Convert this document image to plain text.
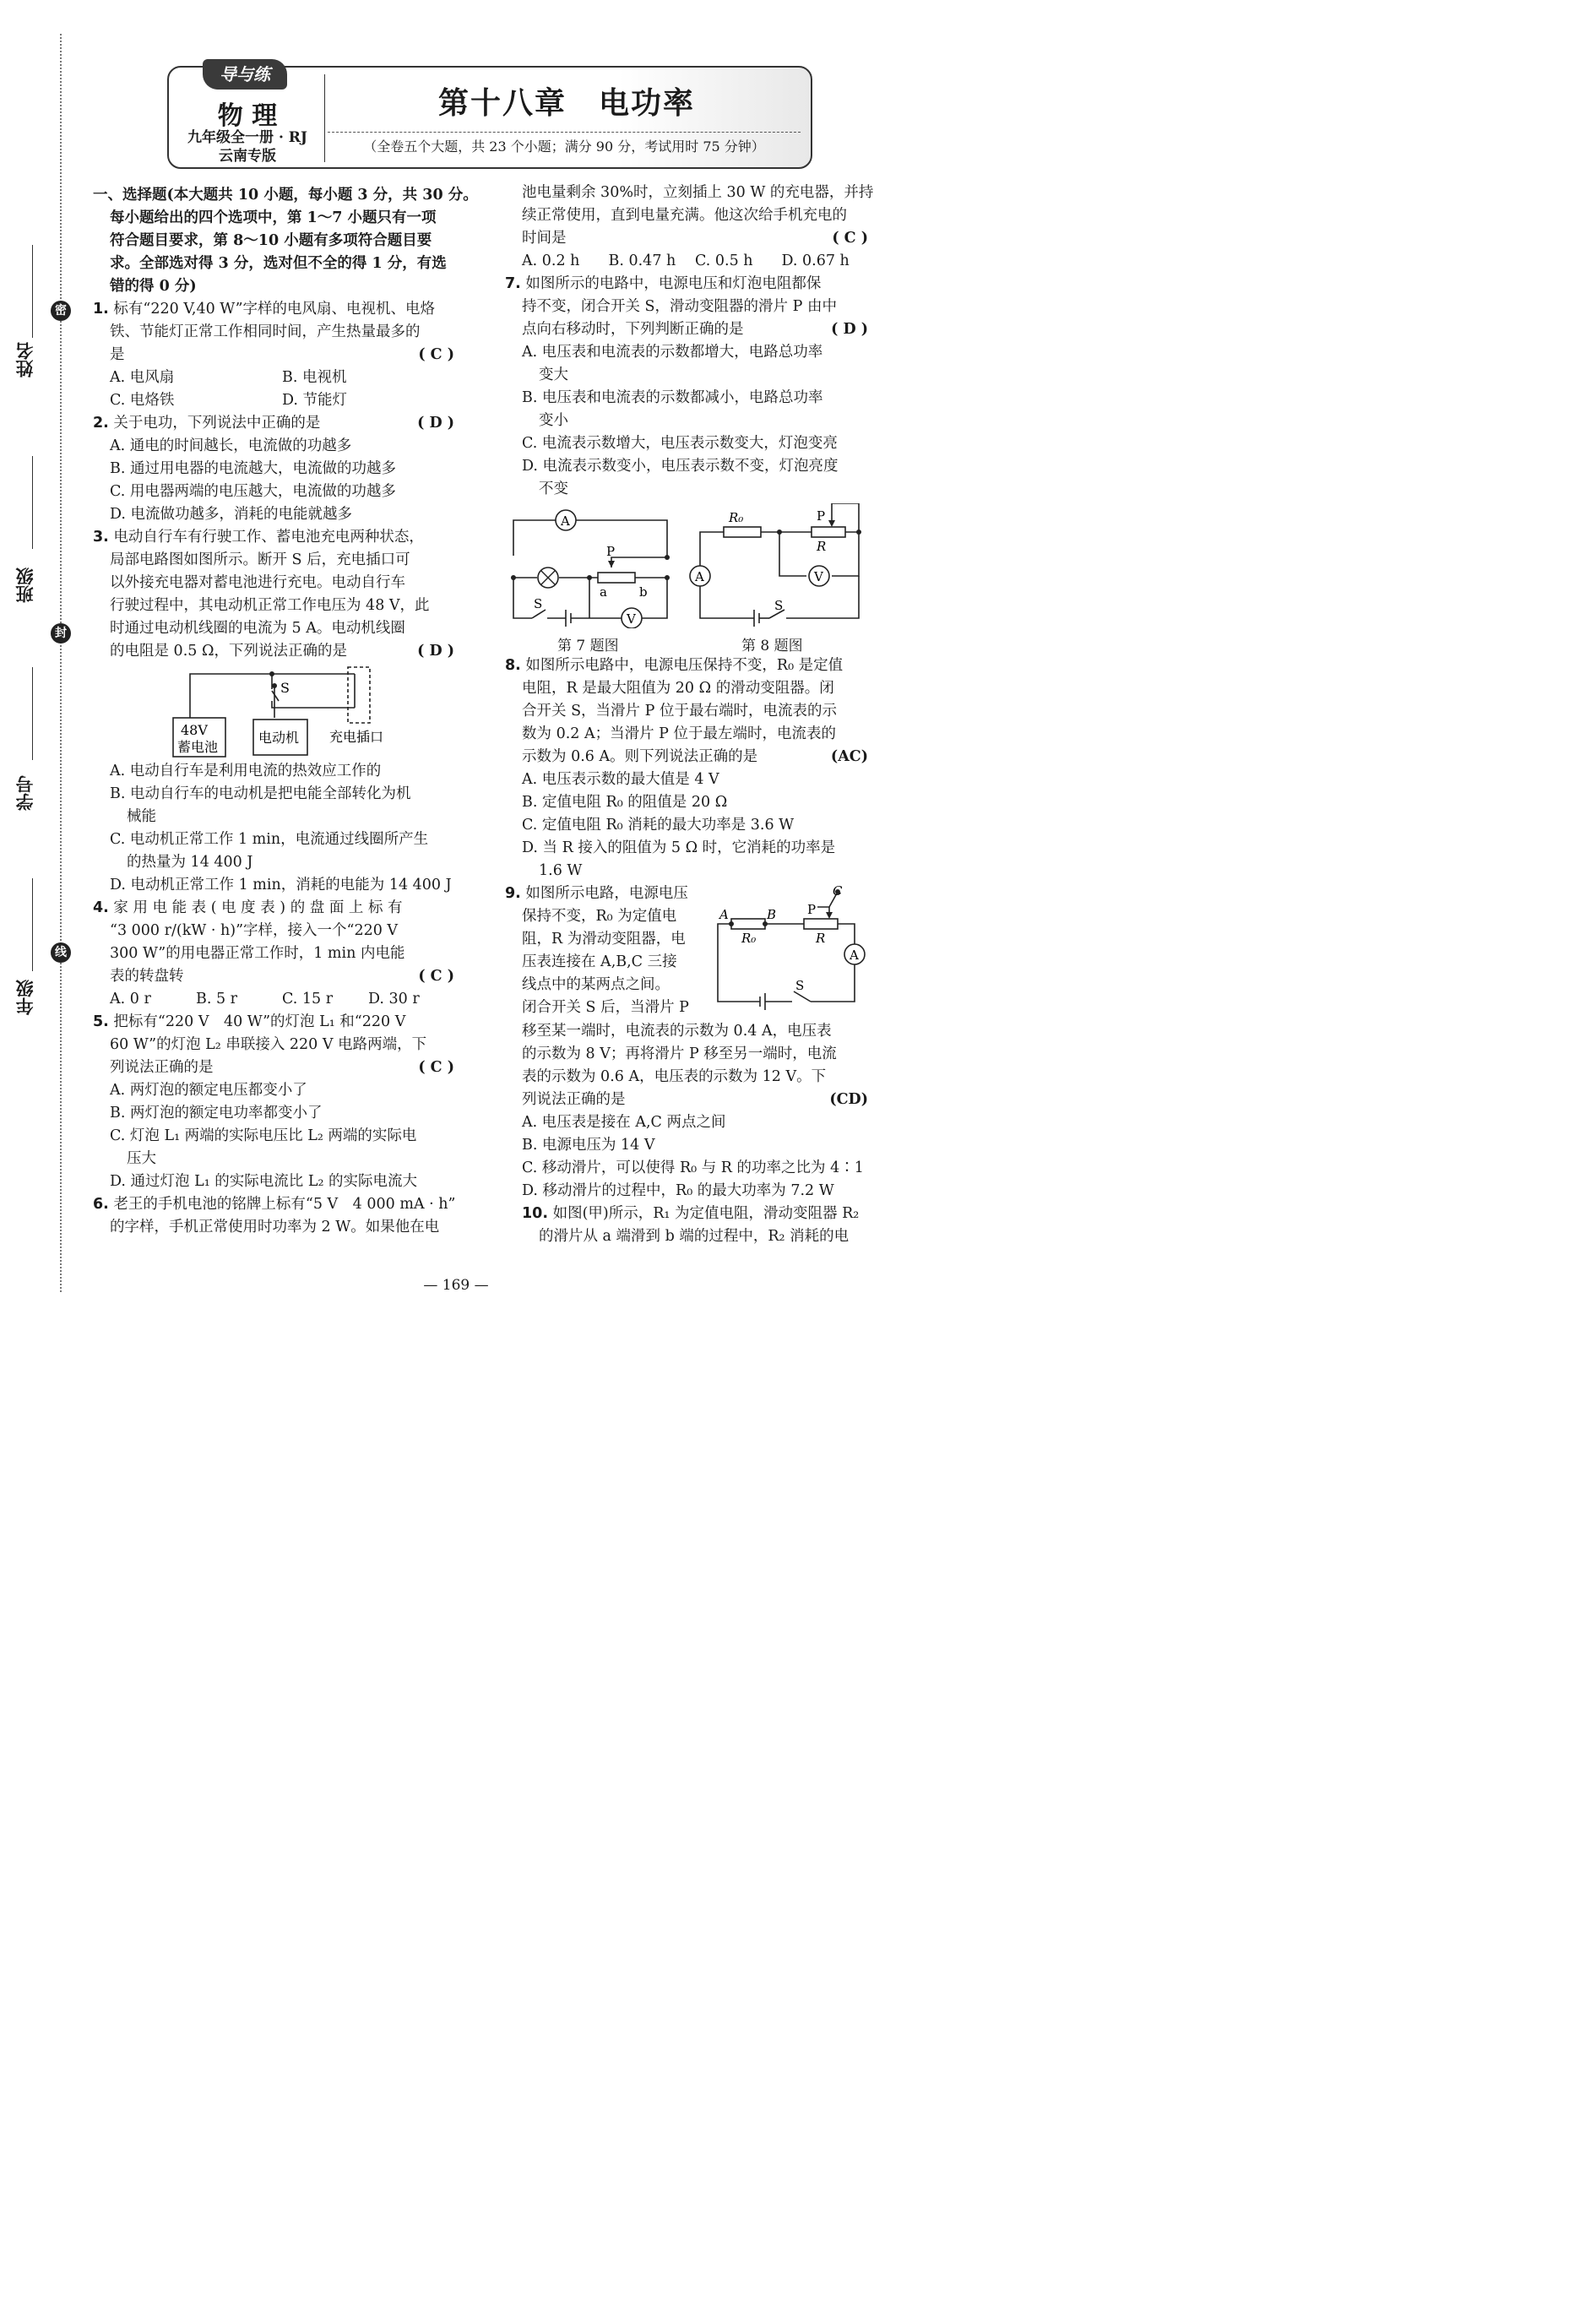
姓名
班级
学号
年级
密
封
线
导与练
物 理
九年级全一册 · RJ
云南专版
第十八章　电功率
（全卷五个大题，共 23 个小题；满分 90 分，考试用时 75 分钟）
一、选择题(本大题共 10 小题，每小题 3 分，共 30 分。
每小题给出的四个选项中，第 1～7 小题只有一项
符合题目要求，第 8～10 小题有多项符合题目要
求。全部选对得 3 分，选对但不全的得 1 分，有选
错的得 0 分)
1. 标有“220 V,40 W”字样的电风扇、电视机、电烙
铁、节能灯正常工作相同时间，产生热量最多的
是	( C )
A. 电风扇	B. 电视机
C. 电烙铁	D. 节能灯
2. 关于电功，下列说法中正确的是	( D )
A. 通电的时间越长，电流做的功越多
B. 通过用电器的电流越大，电流做的功越多
C. 用电器两端的电压越大，电流做的功越多
D. 电流做功越多，消耗的电能就越多
3. 电动自行车有行驶工作、蓄电池充电两种状态，
局部电路图如图所示。断开 S 后，充电插口可
以外接充电器对蓄电池进行充电。电动自行车
行驶过程中，其电动机正常工作电压为 48 V，此
时通过电动机线圈的电流为 5 A。电动机线圈
的电阻是 0.5 Ω，下列说法正确的是	( D )
S
48V
蓄电池
电动机 充电插口
A. 电动自行车是利用电流的热效应工作的
B. 电动自行车的电动机是把电能全部转化为机
械能
C. 电动机正常工作 1 min，电流通过线圈所产生
的热量为 14 400 J
D. 电动机正常工作 1 min，消耗的电能为 14 400 J
4. 家 用 电 能 表 ( 电 度 表 ) 的 盘 面 上 标 有
“3 000 r/(kW · h)”字样，接入一个“220 V
300 W”的用电器正常工作时，1 min 内电能
表的转盘转	( C )
A. 0 r	B. 5 r	C. 15 r	D. 30 r
5. 把标有“220 V　40 W”的灯泡 L₁ 和“220 V
60 W”的灯泡 L₂ 串联接入 220 V 电路两端，下
列说法正确的是	( C )
A. 两灯泡的额定电压都变小了
B. 两灯泡的额定电功率都变小了
C. 灯泡 L₁ 两端的实际电压比 L₂ 两端的实际电
压大
D. 通过灯泡 L₁ 的实际电流比 L₂ 的实际电流大
6. 老王的手机电池的铭牌上标有“5 V　4 000 mA · h”
的字样，手机正常使用时功率为 2 W。如果他在电
池电量剩余 30%时，立刻插上 30 W 的充电器，并持
续正常使用，直到电量充满。他这次给手机充电的
时间是	( C )
A. 0.2 h	B. 0.47 h	C. 0.5 h	D. 0.67 h
7. 如图所示的电路中，电源电压和灯泡电阻都保
持不变，闭合开关 S，滑动变阻器的滑片 P 由中
点向右移动时，下列判断正确的是	( D )
A. 电压表和电流表的示数都增大，电路总功率
变大
B. 电压表和电流表的示数都减小，电路总功率
变小
C. 电流表示数增大，电压表示数变大，灯泡变亮
D. 电流表示数变小，电压表示数不变，灯泡亮度
不变
A
V
P
a	b
S
A	V
R₀	P
R
S
第 7 题图	第 8 题图
8. 如图所示电路中，电源电压保持不变，R₀ 是定值
电阻，R 是最大阻值为 20 Ω 的滑动变阻器。闭
合开关 S，当滑片 P 位于最右端时，电流表的示
数为 0.2 A；当滑片 P 位于最左端时，电流表的
示数为 0.6 A。则下列说法正确的是	(AC)
A. 电压表示数的最大值是 4 V
B. 定值电阻 R₀ 的阻值是 20 Ω
C. 定值电阻 R₀ 消耗的最大功率是 3.6 W
D. 当 R 接入的阻值为 5 Ω 时，它消耗的功率是
1.6 W
9. 如图所示电路，电源电压
保持不变，R₀ 为定值电
阻，R 为滑动变阻器，电
压表连接在 A,B,C 三接
线点中的某两点之间。
闭合开关 S 后，当滑片 P
A
A	B
C
P
R₀	R
S
移至某一端时，电流表的示数为 0.4 A，电压表
的示数为 8 V；再将滑片 P 移至另一端时，电流
表的示数为 0.6 A，电压表的示数为 12 V。下
列说法正确的是	(CD)
A. 电压表是接在 A,C 两点之间
B. 电源电压为 14 V
C. 移动滑片，可以使得 R₀ 与 R 的功率之比为 4∶1
D. 移动滑片的过程中，R₀ 的最大功率为 7.2 W
10. 如图(甲)所示，R₁ 为定值电阻，滑动变阻器 R₂
的滑片从 a 端滑到 b 端的过程中，R₂ 消耗的电
— 169 —
